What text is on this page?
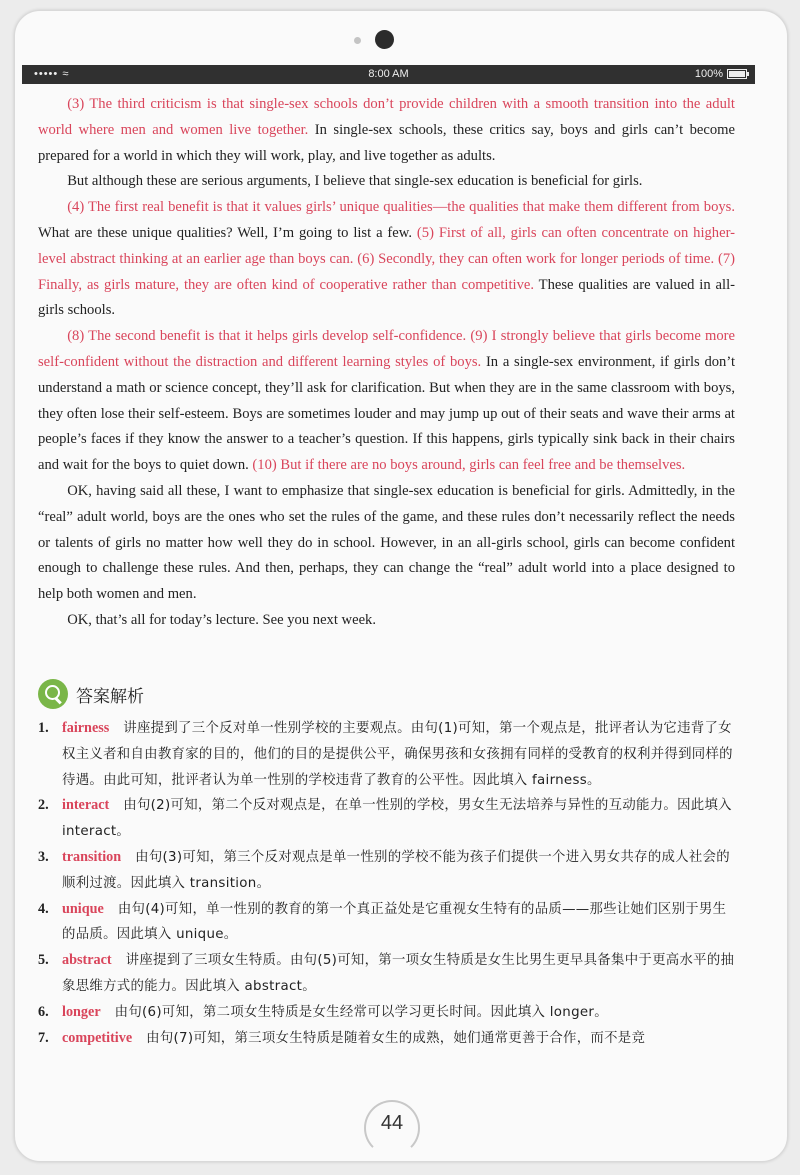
••••• ≈	8:00 AM	100%

(3) The third criticism is that single-sex schools don’t provide children with a smooth transition into the adult world where men and women live together. In single-sex schools, these critics say, boys and girls can’t become prepared for a world in which they will work, play, and live together as adults.

But although these are serious arguments, I believe that single-sex education is beneficial for girls.

(4) The first real benefit is that it values girls’ unique qualities—the qualities that make them different from boys. What are these unique qualities? Well, I’m going to list a few. (5) First of all, girls can often concentrate on higher-level abstract thinking at an earlier age than boys can. (6) Secondly, they can often work for longer periods of time. (7) Finally, as girls mature, they are often kind of cooperative rather than competitive. These qualities are valued in all-girls schools.

(8) The second benefit is that it helps girls develop self-confidence. (9) I strongly believe that girls become more self-confident without the distraction and different learning styles of boys. In a single-sex environment, if girls don’t understand a math or science concept, they’ll ask for clarification. But when they are in the same classroom with boys, they often lose their self-esteem. Boys are sometimes louder and may jump up out of their seats and wave their arms at people’s faces if they know the answer to a teacher’s question. If this happens, girls typically sink back in their chairs and wait for the boys to quiet down. (10) But if there are no boys around, girls can feel free and be themselves.

OK, having said all these, I want to emphasize that single-sex education is beneficial for girls. Admittedly, in the “real” adult world, boys are the ones who set the rules of the game, and these rules don’t necessarily reflect the needs or talents of girls no matter how well they do in school. However, in an all-girls school, girls can become confident enough to challenge these rules. And then, perhaps, they can change the “real” adult world into a place designed to help both women and men.

OK, that’s all for today’s lecture. See you next week.

答案解析

1. fairness 讲座提到了三个反对单一性别学校的主要观点。由句(1)可知，第一个观点是，批评者认为它违背了女权主义者和自由教育家的目的，他们的目的是提供公平，确保男孩和女孩拥有同样的受教育的权利并得到同样的待遇。由此可知，批评者认为单一性别的学校违背了教育的公平性。因此填入 fairness。

2. interact 由句(2)可知，第二个反对观点是，在单一性别的学校，男女生无法培养与异性的互动能力。因此填入 interact。

3. transition 由句(3)可知，第三个反对观点是单一性别的学校不能为孩子们提供一个进入男女共存的成人社会的顺利过渡。因此填入 transition。

4. unique 由句(4)可知，单一性别的教育的第一个真正益处是它重视女生特有的品质——那些让她们区别于男生的品质。因此填入 unique。

5. abstract 讲座提到了三项女生特质。由句(5)可知，第一项女生特质是女生比男生更早具备集中于更高水平的抽象思维方式的能力。因此填入 abstract。

6. longer 由句(6)可知，第二项女生特质是女生经常可以学习更长时间。因此填入 longer。

7. competitive 由句(7)可知，第三项女生特质是随着女生的成熟，她们通常更善于合作，而不是竞

44
